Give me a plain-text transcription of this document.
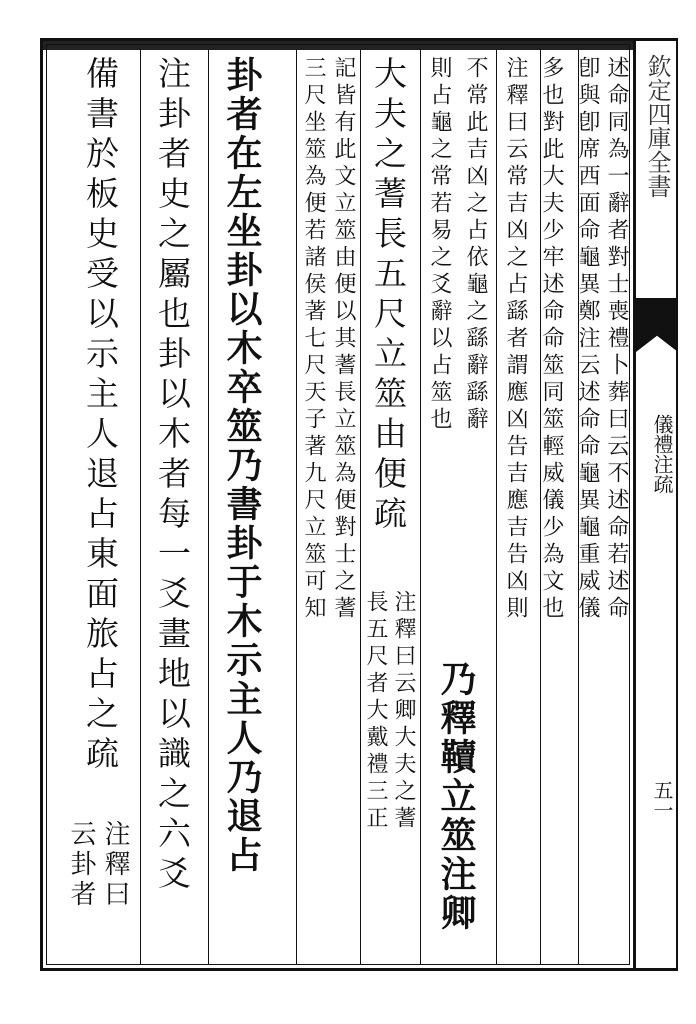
欽定四庫全書
儀禮注疏
五一
述命同為一辭者對士喪禮卜葬曰云不述命若述命
卽與卽席西面命龜異鄭注云述命命龜異龜重威儀
多也對此大夫少牢述命命筮同筮輕威儀少為文也
注釋曰云常吉凶之占繇者謂應凶告吉應吉告凶則
不常此吉凶之占依龜之繇辭繇辭
乃釋韇立筮注卿
則占龜之常若易之爻辭以占筮也
大夫之蓍長五尺立筮由便疏
注釋曰云卿大夫之蓍
長五尺者大戴禮三正
記皆有此文立筮由便以其蓍長立筮為便對士之蓍
三尺坐筮為便若諸侯著七尺天子著九尺立筮可知
卦者在左坐卦以木卒筮乃書卦于木示主人乃退占
注卦者史之屬也卦以木者每一爻畫地以識之六爻
備書於板史受以示主人退占東面旅占之疏
注釋曰
云卦者
